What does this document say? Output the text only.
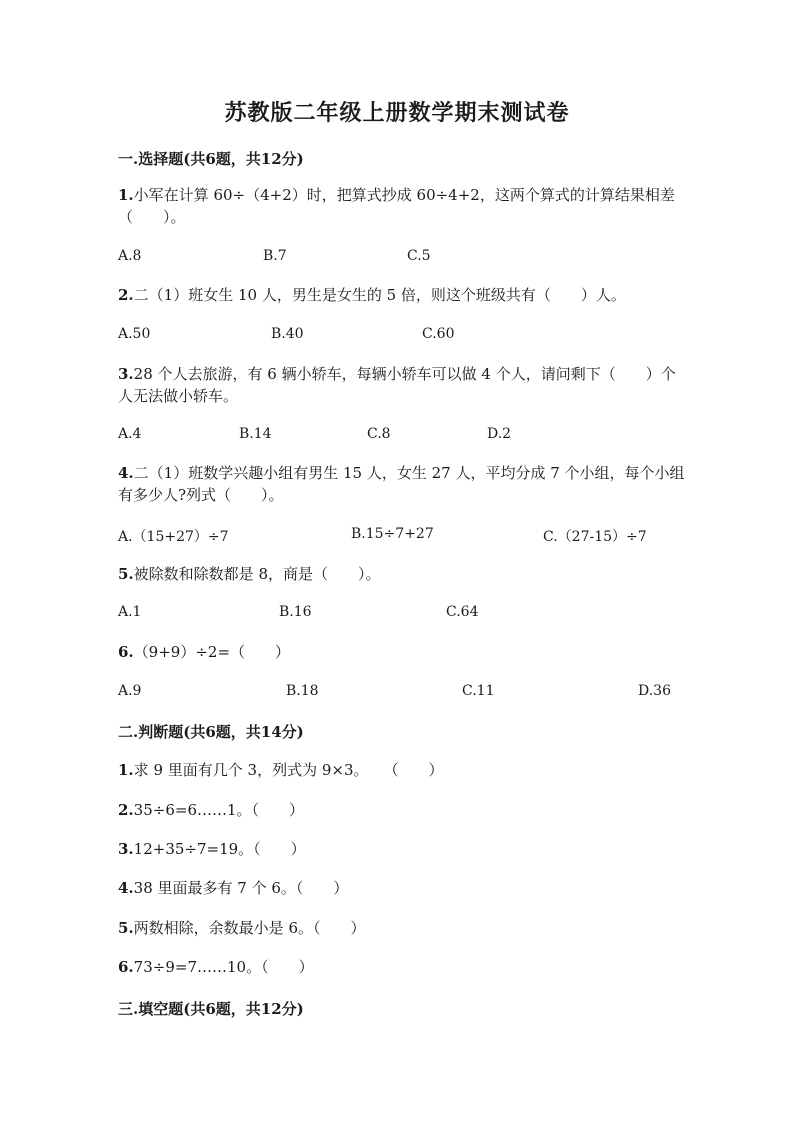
苏教版二年级上册数学期末测试卷
一.选择题(共6题，共12分)
1.小军在计算 60÷（4+2）时，把算式抄成 60÷4+2，这两个算式的计算结果相差 （　　）。
A.8	B.7	C.5
2.二（1）班女生 10 人，男生是女生的 5 倍，则这个班级共有（　　）人。
A.50	B.40	C.60
3.28 个人去旅游，有 6 辆小轿车，每辆小轿车可以做 4 个人，请问剩下（　　）个人无法做小轿车。
A.4	B.14	C.8	D.2
4.二（1）班数学兴趣小组有男生 15 人，女生 27 人，平均分成 7 个小组，每个小组有多少人?列式（　　）。
A.（15+27）÷7	B.15÷7+27	C.（27-15）÷7
5.被除数和除数都是 8，商是（　　）。
A.1	B.16	C.64
6.（9+9）÷2=（　　）
A.9	B.18	C.11	D.36
二.判断题(共6题，共14分)
1.求 9 里面有几个 3，列式为 9×3。　　（　　）
2.35÷6=6……1。（　　）
3.12+35÷7=19。（　　）
4.38 里面最多有 7 个 6。（　　）
5.两数相除，余数最小是 6。（　　）
6.73÷9=7……10。（　　）
三.填空题(共6题，共12分)
